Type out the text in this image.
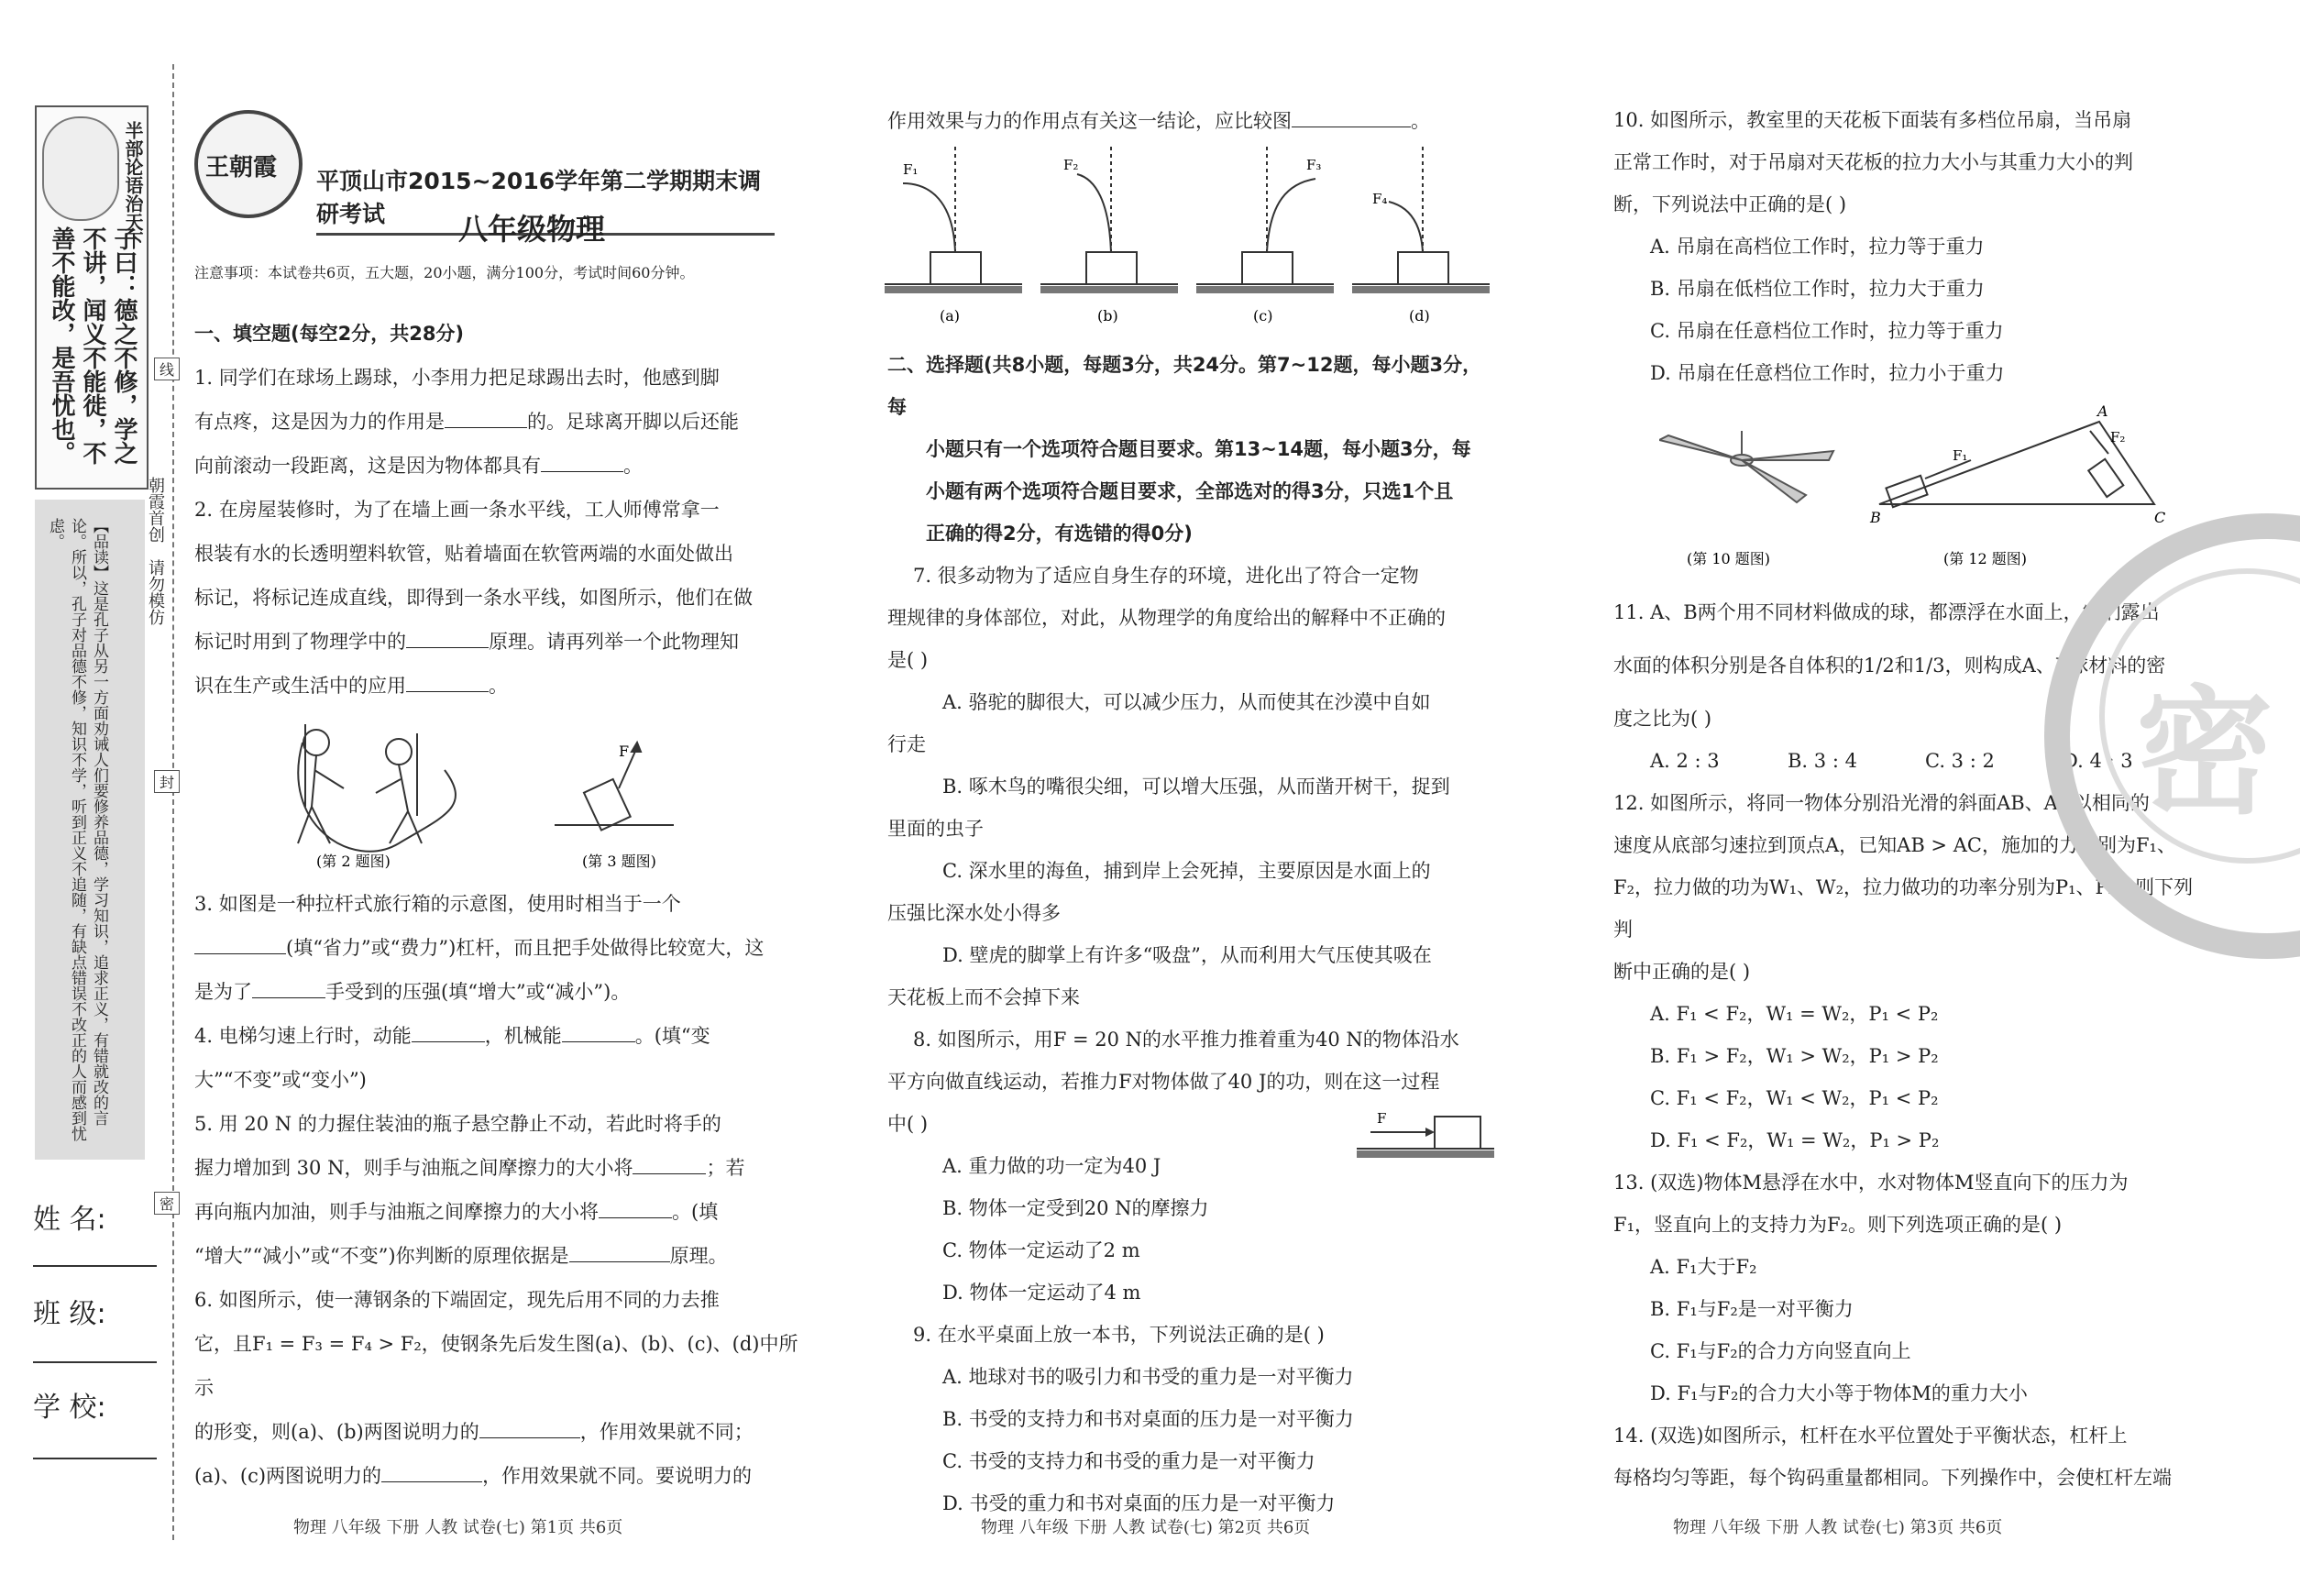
半部论语治天下
子曰：德之不修，学之不讲，闻义不能徙，不善不能改，是吾忧也。
【品读】这是孔子从另一方面劝诫人们要修养品德，学习知识，追求正义，有错就改的言论。所以，孔子对品德不修，知识不学，听到正义不追随，有缺点错误不改正的人而感到忧虑。	朝霞首创　请勿模仿
线
封
密
姓 名:
班 级:
学 校:
王朝霞 平顶山市2015~2016学年第二学期期末调研考试	八年级物理
注意事项：本试卷共6页，五大题，20小题，满分100分，考试时间60分钟。

一、填空题(每空2分，共28分)

1. 同学们在球场上踢球，小李用力把足球踢出去时，他感到脚

有点疼，这是因为力的作用是	的。足球离开脚以后还能

向前滚动一段距离，这是因为物体都具有	。

2. 在房屋装修时，为了在墙上画一条水平线，工人师傅常拿一

根装有水的长透明塑料软管，贴着墙面在软管两端的水面处做出

标记，将标记连成直线，即得到一条水平线，如图所示，他们在做

标记时用到了物理学中的	原理。请再列举一个此物理知

识在生产或生活中的应用	。

F
(第 2 题图)	(第 3 题图)

3. 如图是一种拉杆式旅行箱的示意图，使用时相当于一个

(填“省力”或“费力”)杠杆，而且把手处做得比较宽大，这

是为了	手受到的压强(填“增大”或“减小”)。

4. 电梯匀速上行时，动能	，机械能	。(填“变

大”“不变”或“变小”)

5. 用 20 N 的力握住装油的瓶子悬空静止不动，若此时将手的

握力增加到 30 N，则手与油瓶之间摩擦力的大小将	；若

再向瓶内加油，则手与油瓶之间摩擦力的大小将	。(填

“增大”“减小”或“不变”)你判断的原理依据是	原理。

6. 如图所示，使一薄钢条的下端固定，现先后用不同的力去推

它，且F₁ = F₃ = F₄ > F₂，使钢条先后发生图(a)、(b)、(c)、(d)中所示

的形变，则(a)、(b)两图说明力的	，作用效果就不同；

(a)、(c)两图说明力的	，作用效果就不同。要说明力的

物理 八年级 下册 人教 试卷(七) 第1页 共6页

作用效果与力的作用点有关这一结论，应比较图	。

F₁	F₂	F₃
F₄
(a)	(b)	(c)	(d)

二、选择题(共8小题，每题3分，共24分。第7~12题，每小题3分，每

小题只有一个选项符合题目要求。第13~14题，每小题3分，每

小题有两个选项符合题目要求，全部选对的得3分，只选1个且

正确的得2分，有选错的得0分)

7. 很多动物为了适应自身生存的环境，进化出了符合一定物

理规律的身体部位，对此，从物理学的角度给出的解释中不正确的

是( )

A. 骆驼的脚很大，可以减少压力，从而使其在沙漠中自如

行走

B. 啄木鸟的嘴很尖细，可以增大压强，从而凿开树干，捉到

里面的虫子

C. 深水里的海鱼，捕到岸上会死掉，主要原因是水面上的

压强比深水处小得多

D. 壁虎的脚掌上有许多“吸盘”，从而利用大气压使其吸在

天花板上而不会掉下来

8. 如图所示，用F = 20 N的水平推力推着重为40 N的物体沿水

平方向做直线运动，若推力F对物体做了40 J的功，则在这一过程

中( )

A. 重力做的功一定为40 J

B. 物体一定受到20 N的摩擦力

C. 物体一定运动了2 m

D. 物体一定运动了4 m

9. 在水平桌面上放一本书，下列说法正确的是( )

A. 地球对书的吸引力和书受的重力是一对平衡力

B. 书受的支持力和书对桌面的压力是一对平衡力

C. 书受的支持力和书受的重力是一对平衡力

D. 书受的重力和书对桌面的压力是一对平衡力

F
物理 八年级 下册 人教 试卷(七) 第2页 共6页

10. 如图所示，教室里的天花板下面装有多档位吊扇，当吊扇

正常工作时，对于吊扇对天花板的拉力大小与其重力大小的判

断，下列说法中正确的是( )

A. 吊扇在高档位工作时，拉力等于重力

B. 吊扇在低档位工作时，拉力大于重力

C. 吊扇在任意档位工作时，拉力等于重力

D. 吊扇在任意档位工作时，拉力小于重力

A
B	C
F₁
F₂
(第 10 题图)	(第 12 题图)

11. A、B两个用不同材料做成的球，都漂浮在水面上，它们露出

水面的体积分别是各自体积的1/2和1/3，则构成A、B球材料的密

度之比为( )

A. 2 : 3	B. 3 : 4	C. 3 : 2	D. 4 : 3

12. 如图所示，将同一物体分别沿光滑的斜面AB、AC以相同的

速度从底部匀速拉到顶点A，已知AB > AC，施加的力分别为F₁、

F₂，拉力做的功为W₁、W₂，拉力做功的功率分别为P₁、P₂，则下列判

断中正确的是( )

A. F₁ < F₂，W₁ = W₂，P₁ < P₂

B. F₁ > F₂，W₁ > W₂，P₁ > P₂

C. F₁ < F₂，W₁ < W₂，P₁ < P₂

D. F₁ < F₂，W₁ = W₂，P₁ > P₂

13. (双选)物体M悬浮在水中，水对物体M竖直向下的压力为

F₁，竖直向上的支持力为F₂。则下列选项正确的是( )

A. F₁大于F₂

B. F₁与F₂是一对平衡力

C. F₁与F₂的合力方向竖直向上

D. F₁与F₂的合力大小等于物体M的重力大小

14. (双选)如图所示，杠杆在水平位置处于平衡状态，杠杆上

每格均匀等距，每个钩码重量都相同。下列操作中，会使杠杆左端

物理 八年级 下册 人教 试卷(七) 第3页 共6页
密
